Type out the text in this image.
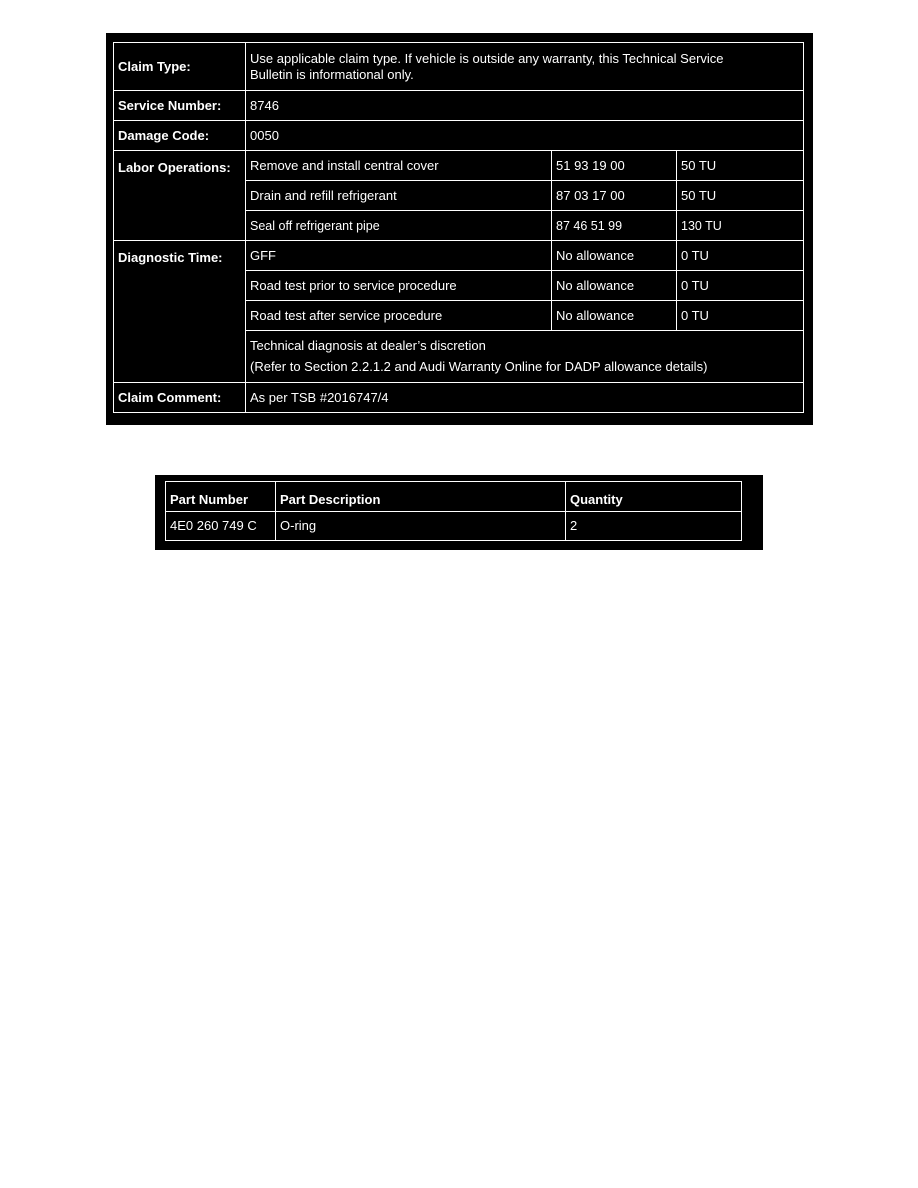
Claim Type:	Use applicable claim type. If vehicle is outside any warranty, this Technical Service
Bulletin is informational only.		

Service Number:	8746		
Damage Code:	0050		
Labor Operations:	Remove and install central cover	51 93 19 00	50 TU
	Drain and refill refrigerant	87 03 17 00	50 TU
	Seal off refrigerant pipe	87 46 51 99	130 TU
Diagnostic Time:	GFF	No allowance	0 TU
	Road test prior to service procedure	No allowance	0 TU
	Road test after service procedure	No allowance	0 TU

	Technical diagnosis at dealer’s discretion
(Refer to Section 2.2.1.2 and Audi Warranty Online for DADP allowance details)		

Claim Comment:	As per TSB #2016747/4		
Part Number	Part Description	Quantity
4E0 260 749 C	O-ring	2
